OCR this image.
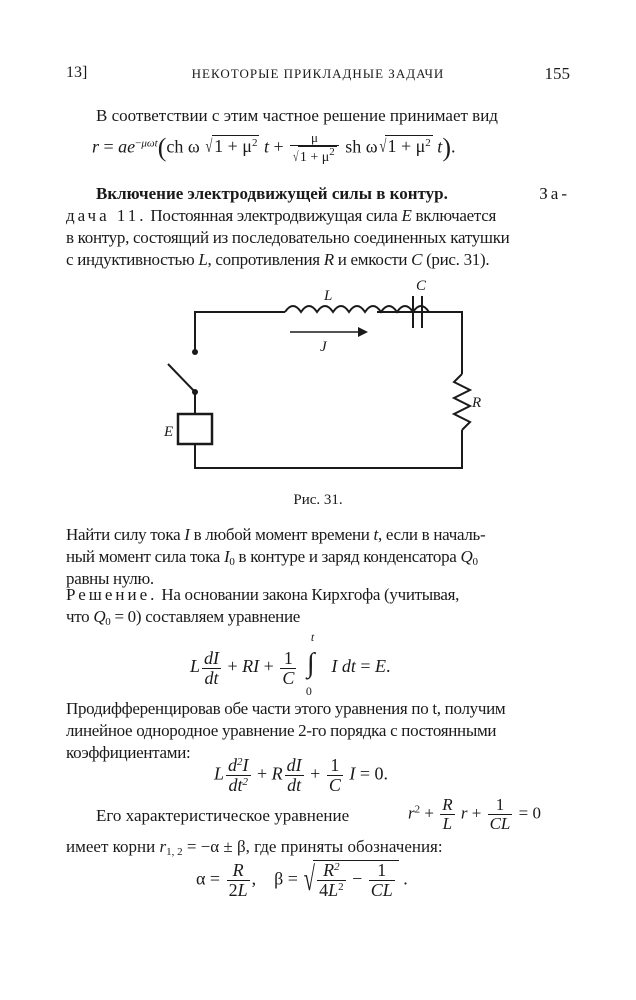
13]	НЕКОТОРЫЕ ПРИКЛАДНЫЕ ЗАДАЧИ	155
В соответствии с этим частное решение принимает вид
$r = ae^{-\mu\omega t}(ch$ ω $√1 + \mu^2$ $t + \frac{\mu}{√1 + \mu^2}$ sh $\omega√1 + \mu^2$ t).
Включение электродвижущей силы в контур.	За-
дача 11. Постоянная электродвижущая сила E включается
в контур, состоящий из последовательно соединенных катушки
с индуктивностью L, сопротивления R и емкости C (рис. 31).
L
C
J
R
E
Рис. 31.
Найти силу тока I в любой момент времени t, если в началь-
ный момент сила тока $I_0$ в контуре и заряд конденсатора $Q_0$
равны нулю.
Решение. На основании закона Кирхгофа (учитывая,
что $Q_0 = 0$) составляем уравнение
L $\frac{dI}{dt}$ + RI + $\frac{1}{C}$

t
∫
0
I dt = E.
Продифференцировав обе части этого уравнения по t, получим
линейное однородное уравнение 2-го порядка с постоянными
коэффициентами:
L $\frac{d^2I}{dt^2} + R \frac{dI}{dt} + \frac{1}{C}$ I = 0.
Его характеристическое уравнение	$r^2 + \frac{R}{L}$ $r + \frac{1}{CL} = 0$
имеет корни $r_{1, 2} = -\alpha \pm \beta$, где приняты обозначения:
$\alpha = \frac{R}{2L}$ ,    β = √ $\frac{R^2}{4L^2} - \frac{1}{CL}$ .
